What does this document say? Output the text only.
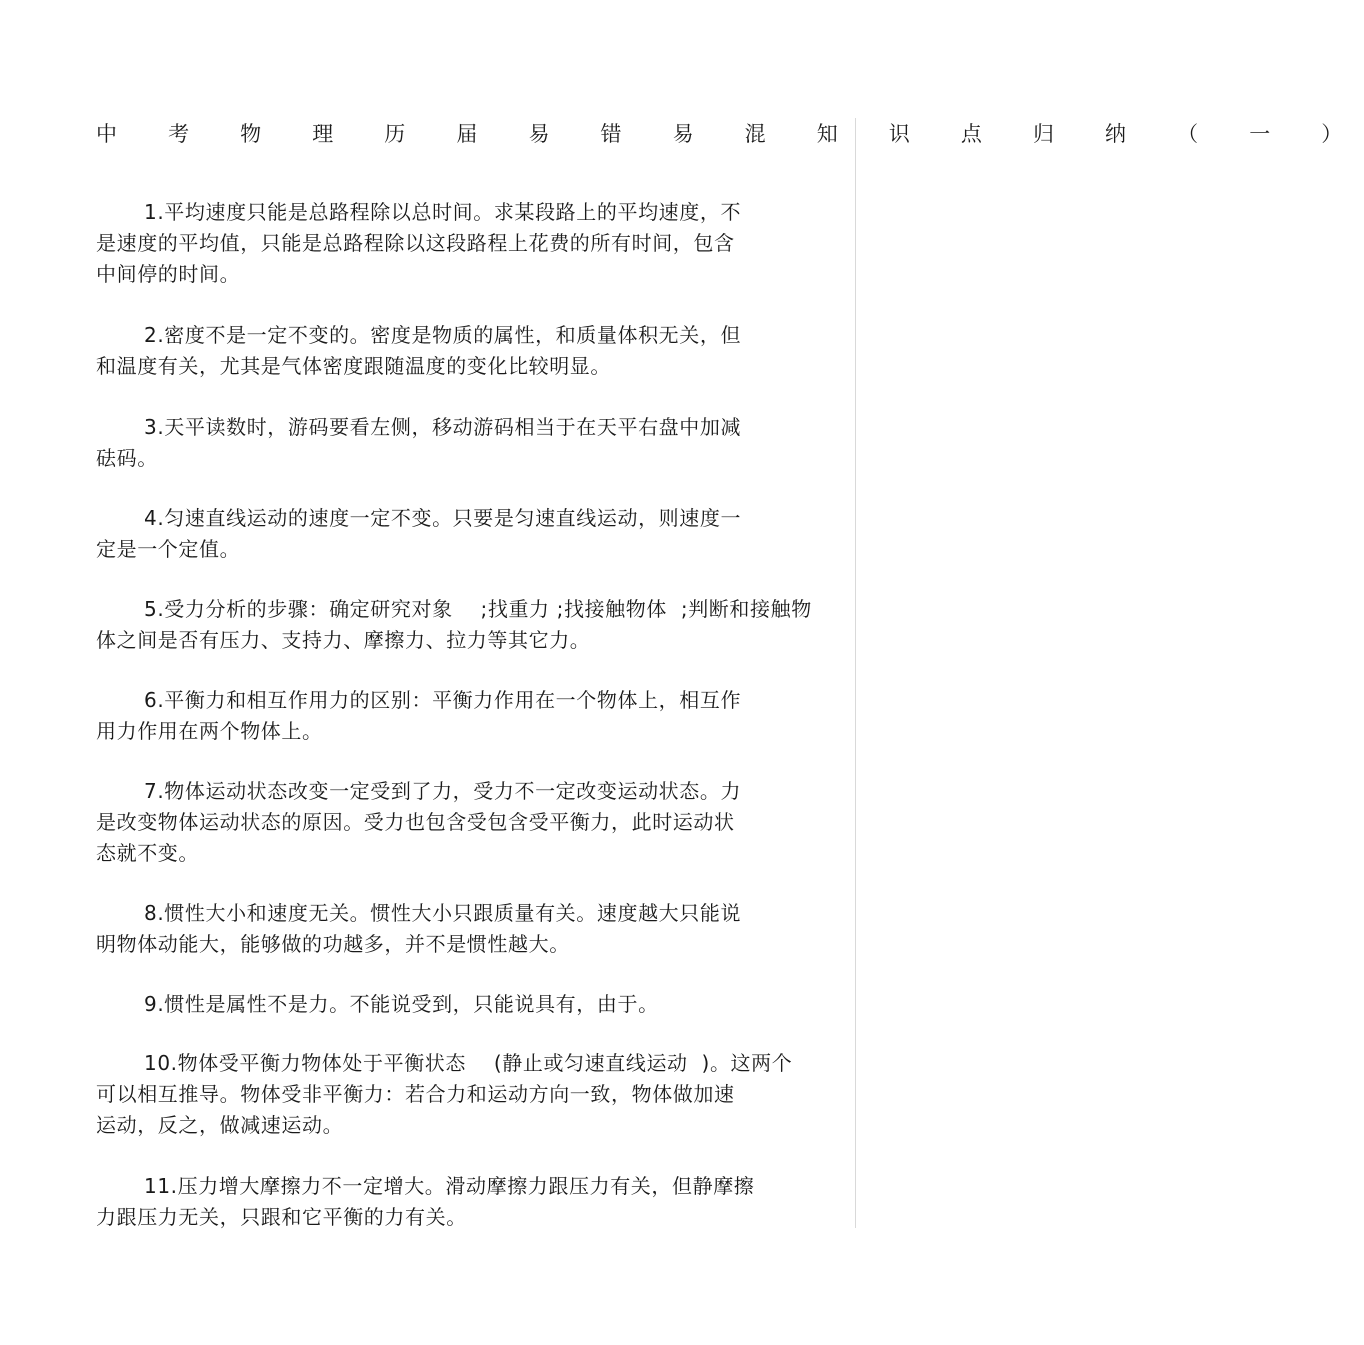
中 考 物 理 历 届 易 错 易 混 知 识 点 归 纳 （ 一 ）
1.平均速度只能是总路程除以总时间。求某段路上的平均速度，不
是速度的平均值，只能是总路程除以这段路程上花费的所有时间，包含
中间停的时间。
2.密度不是一定不变的。密度是物质的属性，和质量体积无关，但
和温度有关，尤其是气体密度跟随温度的变化比较明显。
3.天平读数时，游码要看左侧，移动游码相当于在天平右盘中加减
砝码。
4.匀速直线运动的速度一定不变。只要是匀速直线运动，则速度一
定是一个定值。
5.受力分析的步骤：确定研究对象    ;找重力 ;找接触物体  ;判断和接触物
体之间是否有压力、支持力、摩擦力、拉力等其它力。
6.平衡力和相互作用力的区别：平衡力作用在一个物体上，相互作
用力作用在两个物体上。
7.物体运动状态改变一定受到了力，受力不一定改变运动状态。力
是改变物体运动状态的原因。受力也包含受包含受平衡力，此时运动状
态就不变。
8.惯性大小和速度无关。惯性大小只跟质量有关。速度越大只能说
明物体动能大，能够做的功越多，并不是惯性越大。
9.惯性是属性不是力。不能说受到，只能说具有，由于。
10.物体受平衡力物体处于平衡状态    (静止或匀速直线运动  )。这两个
可以相互推导。物体受非平衡力：若合力和运动方向一致，物体做加速
运动，反之，做减速运动。
11.压力增大摩擦力不一定增大。滑动摩擦力跟压力有关，但静摩擦
力跟压力无关，只跟和它平衡的力有关。
